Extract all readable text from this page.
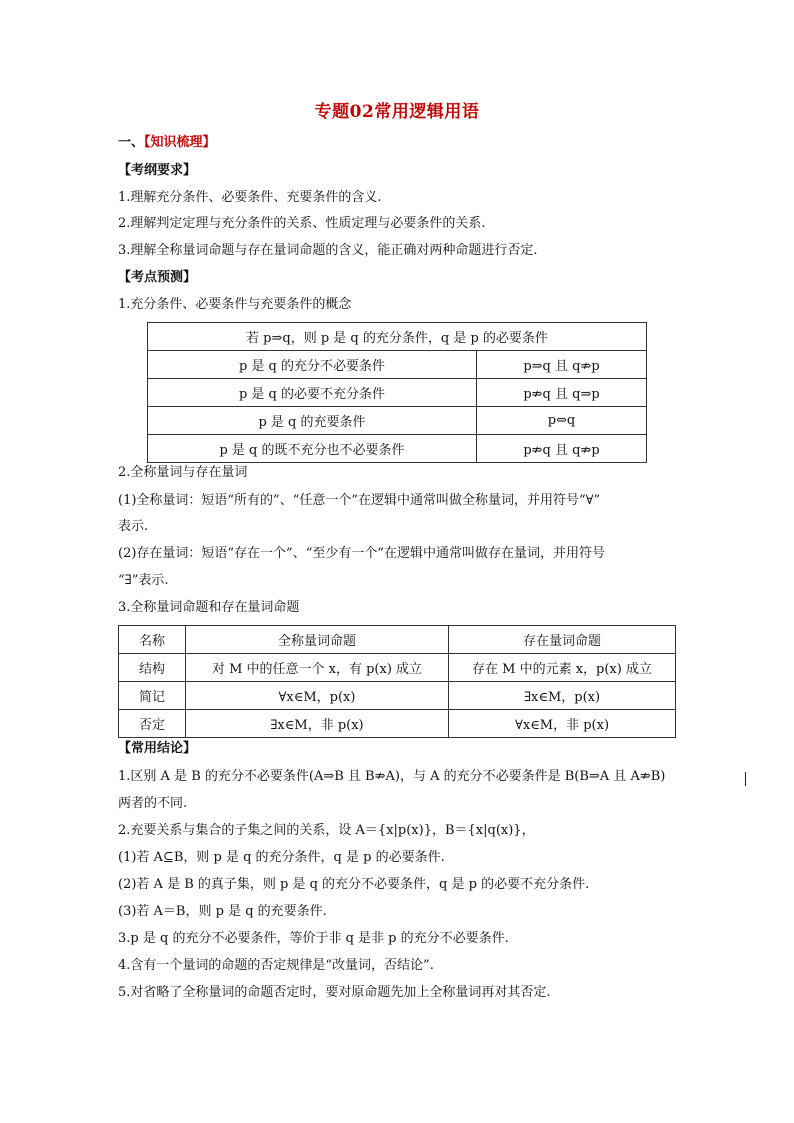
专题02常用逻辑用语
一、【知识梳理】
【考纲要求】
1.理解充分条件、必要条件、充要条件的含义.
2.理解判定定理与充分条件的关系、性质定理与必要条件的关系.
3.理解全称量词命题与存在量词命题的含义，能正确对两种命题进行否定.
【考点预测】
1.充分条件、必要条件与充要条件的概念
若 p⇒q，则 p 是 q 的充分条件，q 是 p 的必要条件	
p 是 q 的充分不必要条件	p⇒q 且 q⇏p
p 是 q 的必要不充分条件	p⇏q 且 q⇒p
p 是 q 的充要条件	p⇔q
p 是 q 的既不充分也不必要条件	p⇏q 且 q⇏p
2.全称量词与存在量词
(1)全称量词：短语“所有的”、“任意一个”在逻辑中通常叫做全称量词，并用符号“∀”
表示.
(2)存在量词：短语“存在一个”、“至少有一个”在逻辑中通常叫做存在量词，并用符号
“∃”表示.
3.全称量词命题和存在量词命题
名称	全称量词命题	存在量词命题
结构	对 M 中的任意一个 x，有 p(x) 成立	存在 M 中的元素 x，p(x) 成立
简记	∀x∈M，p(x)	∃x∈M，p(x)
否定	∃x∈M，非 p(x)	∀x∈M，非 p(x)
【常用结论】
1.区别 A 是 B 的充分不必要条件(A⇒B 且 B⇏A)，与 A 的充分不必要条件是 B(B⇒A 且 A⇏B)
两者的不同.
2.充要关系与集合的子集之间的关系，设 A＝{x|p(x)}，B＝{x|q(x)}，
(1)若 A⊆B，则 p 是 q 的充分条件，q 是 p 的必要条件.
(2)若 A 是 B 的真子集，则 p 是 q 的充分不必要条件，q 是 p 的必要不充分条件.
(3)若 A＝B，则 p 是 q 的充要条件.
3.p 是 q 的充分不必要条件，等价于非 q 是非 p 的充分不必要条件.
4.含有一个量词的命题的否定规律是“改量词，否结论”.
5.对省略了全称量词的命题否定时，要对原命题先加上全称量词再对其否定.
